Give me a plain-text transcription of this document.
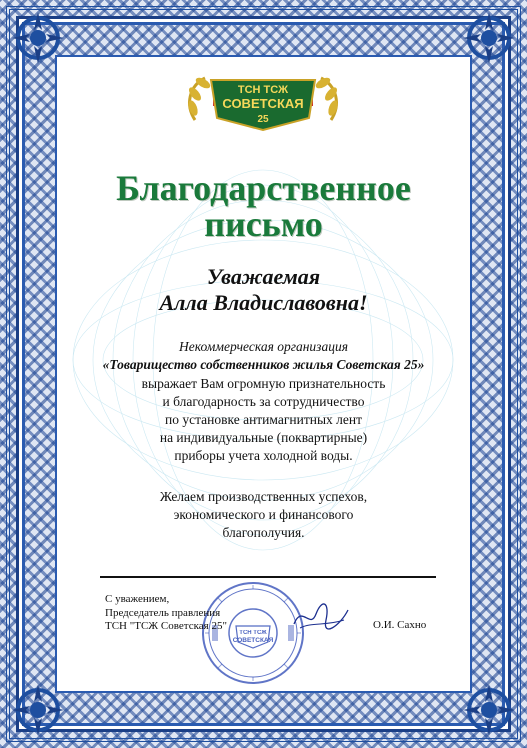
ТСН ТСЖ
СОВЕТСКАЯ
25
Благодарственное
письмо
Уважаемая
Алла Владиславовна!
Некоммерческая организация
«Товарищество собственников жилья Советская 25»
выражает Вам огромную признательность
и благодарность за сотрудничество
по установке антимагнитных лент
на индивидуальные (поквартирные)
приборы учета холодной воды.
Желаем производственных успехов,
экономического и финансового
благополучия.
ТСН ТСЖ
СОВЕТСКАЯ
С уважением,
Председатель правления
ТСН "ТСЖ Советская 25"	О.И. Сахно
